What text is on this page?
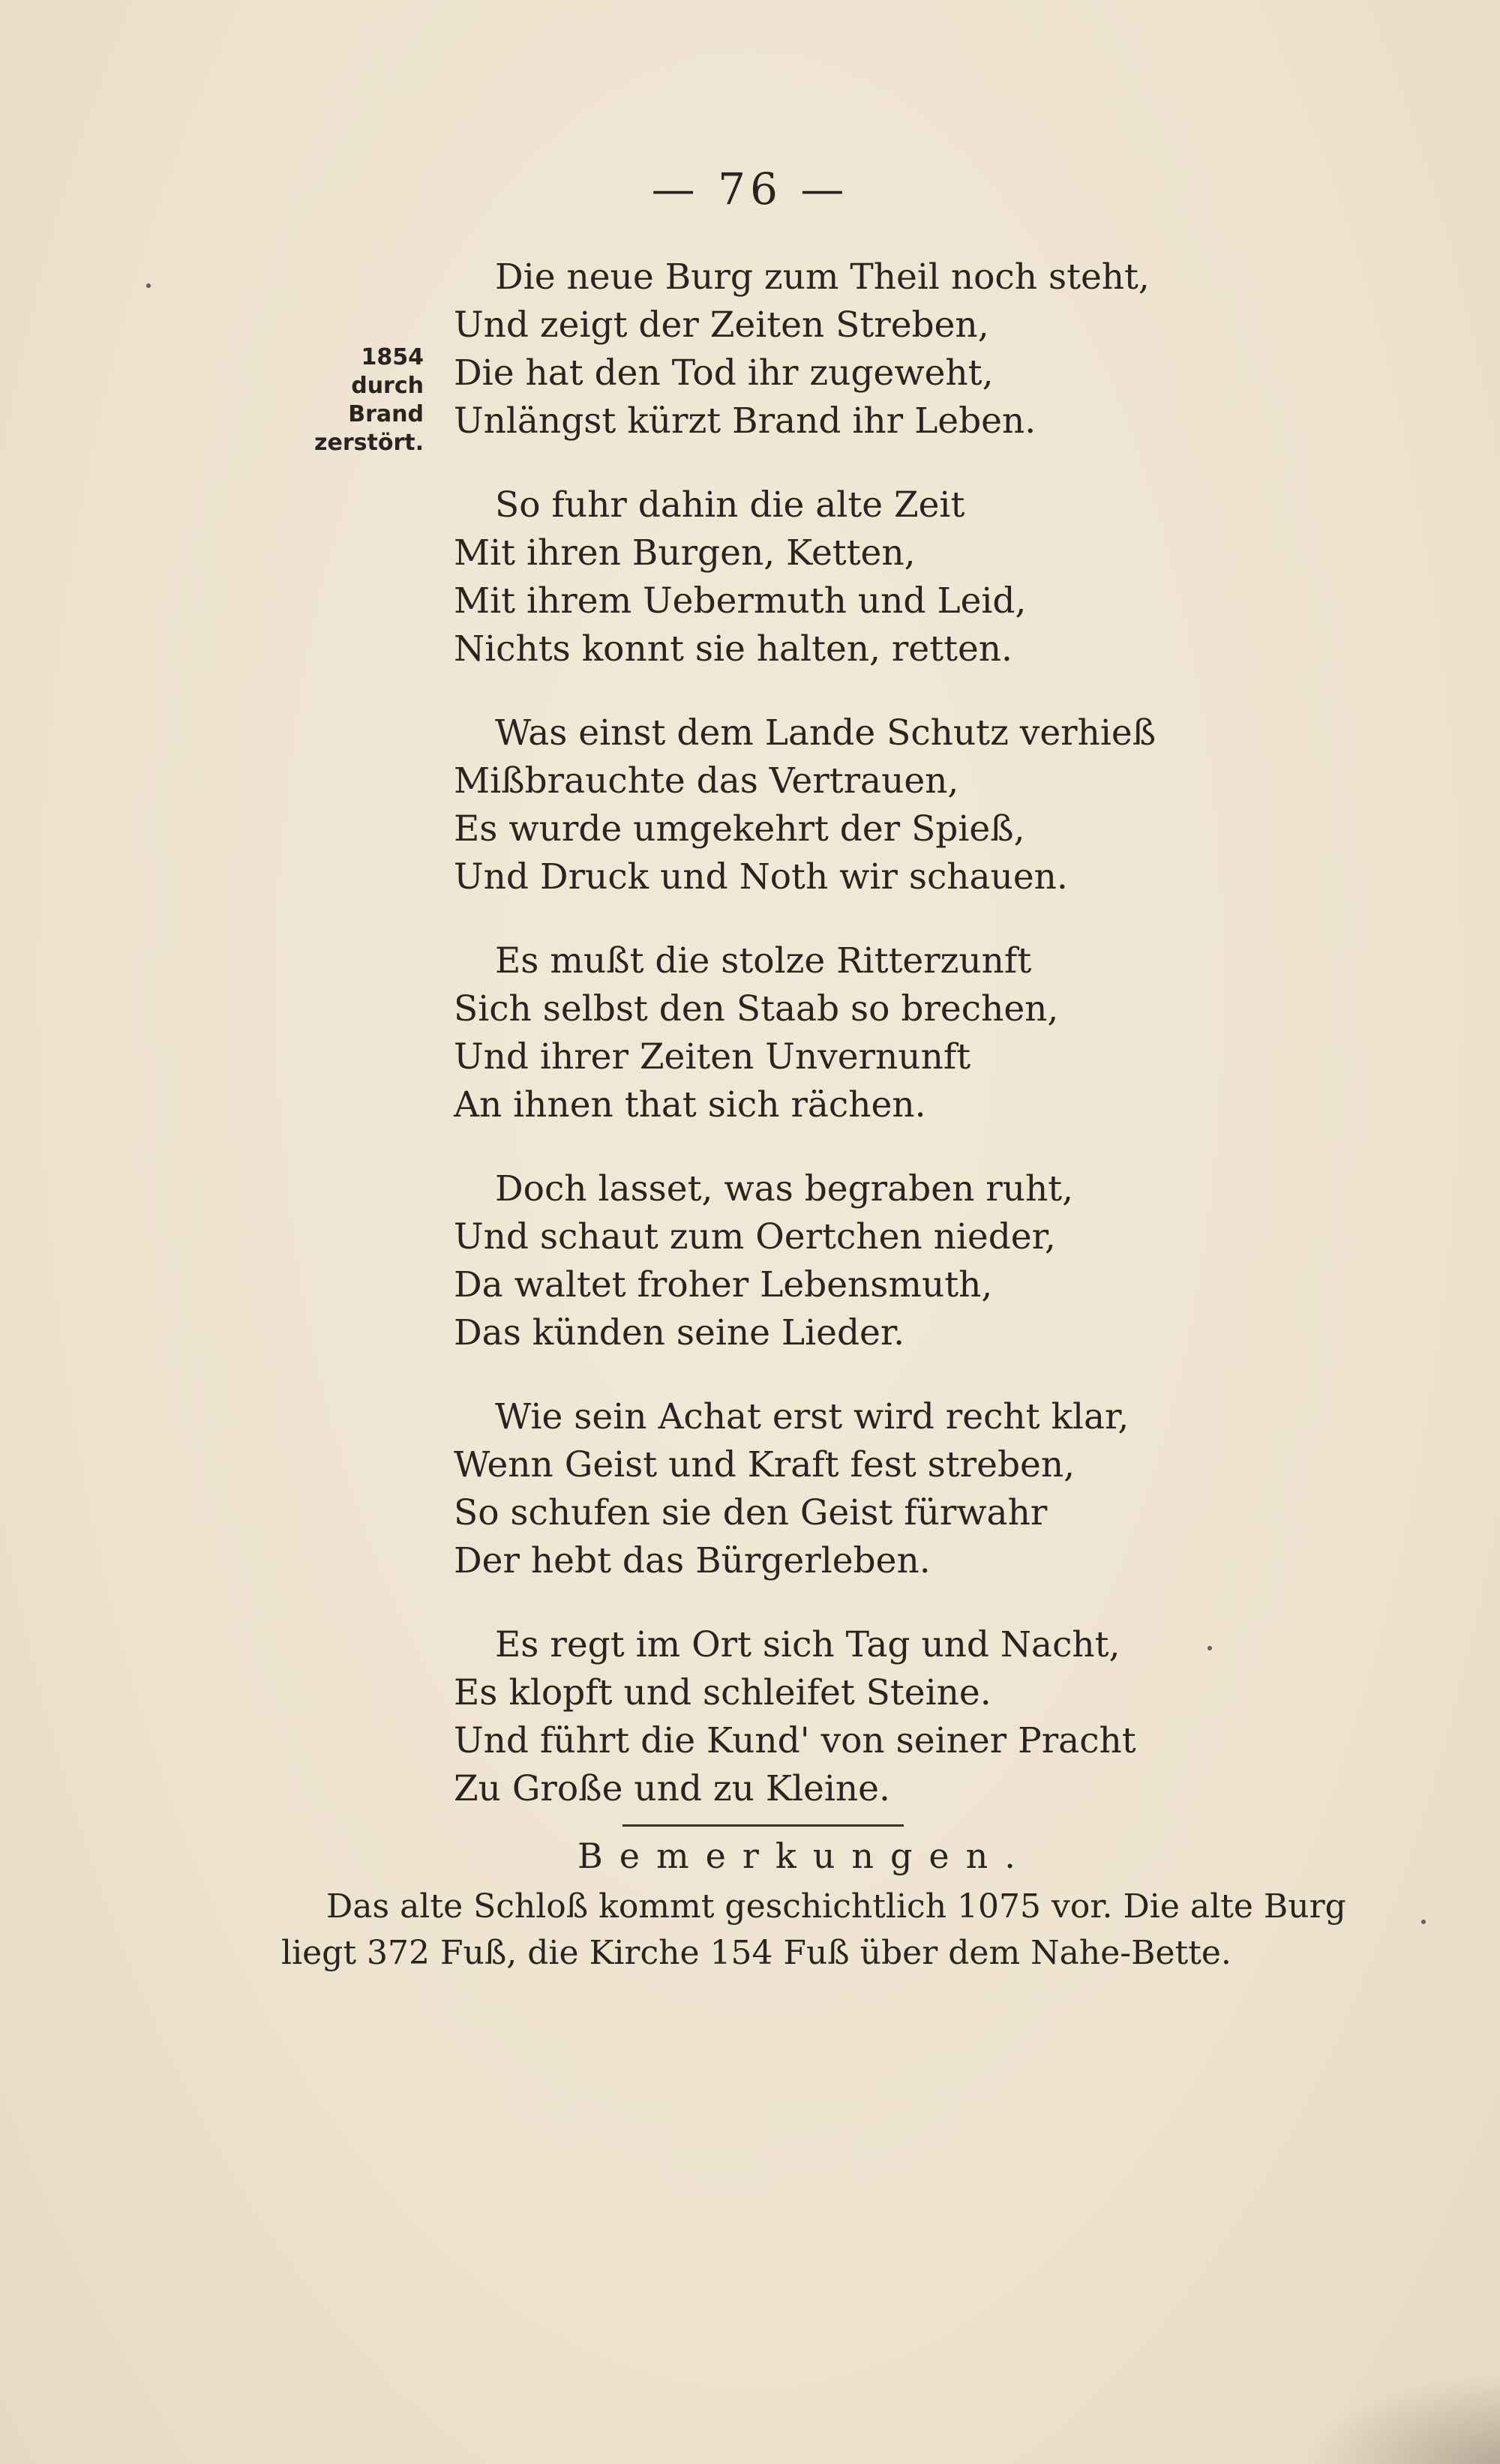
— 76 —
1854
durch Brand
zerstört.
Die neue Burg zum Theil noch steht,
Und zeigt der Zeiten Streben,
Die hat den Tod ihr zugeweht,
Unlängst kürzt Brand ihr Leben.
So fuhr dahin die alte Zeit
Mit ihren Burgen, Ketten,
Mit ihrem Uebermuth und Leid,
Nichts konnt sie halten, retten.
Was einst dem Lande Schutz verhieß
Mißbrauchte das Vertrauen,
Es wurde umgekehrt der Spieß,
Und Druck und Noth wir schauen.
Es mußt die stolze Ritterzunft
Sich selbst den Staab so brechen,
Und ihrer Zeiten Unvernunft
An ihnen that sich rächen.
Doch lasset, was begraben ruht,
Und schaut zum Oertchen nieder,
Da waltet froher Lebensmuth,
Das künden seine Lieder.
Wie sein Achat erst wird recht klar,
Wenn Geist und Kraft fest streben,
So schufen sie den Geist fürwahr
Der hebt das Bürgerleben.
Es regt im Ort sich Tag und Nacht,
Es klopft und schleifet Steine.
Und führt die Kund' von seiner Pracht
Zu Große und zu Kleine.
Bemerkungen.
Das alte Schloß kommt geschichtlich 1075 vor. Die alte Burg
liegt 372 Fuß, die Kirche 154 Fuß über dem Nahe-Bette.
